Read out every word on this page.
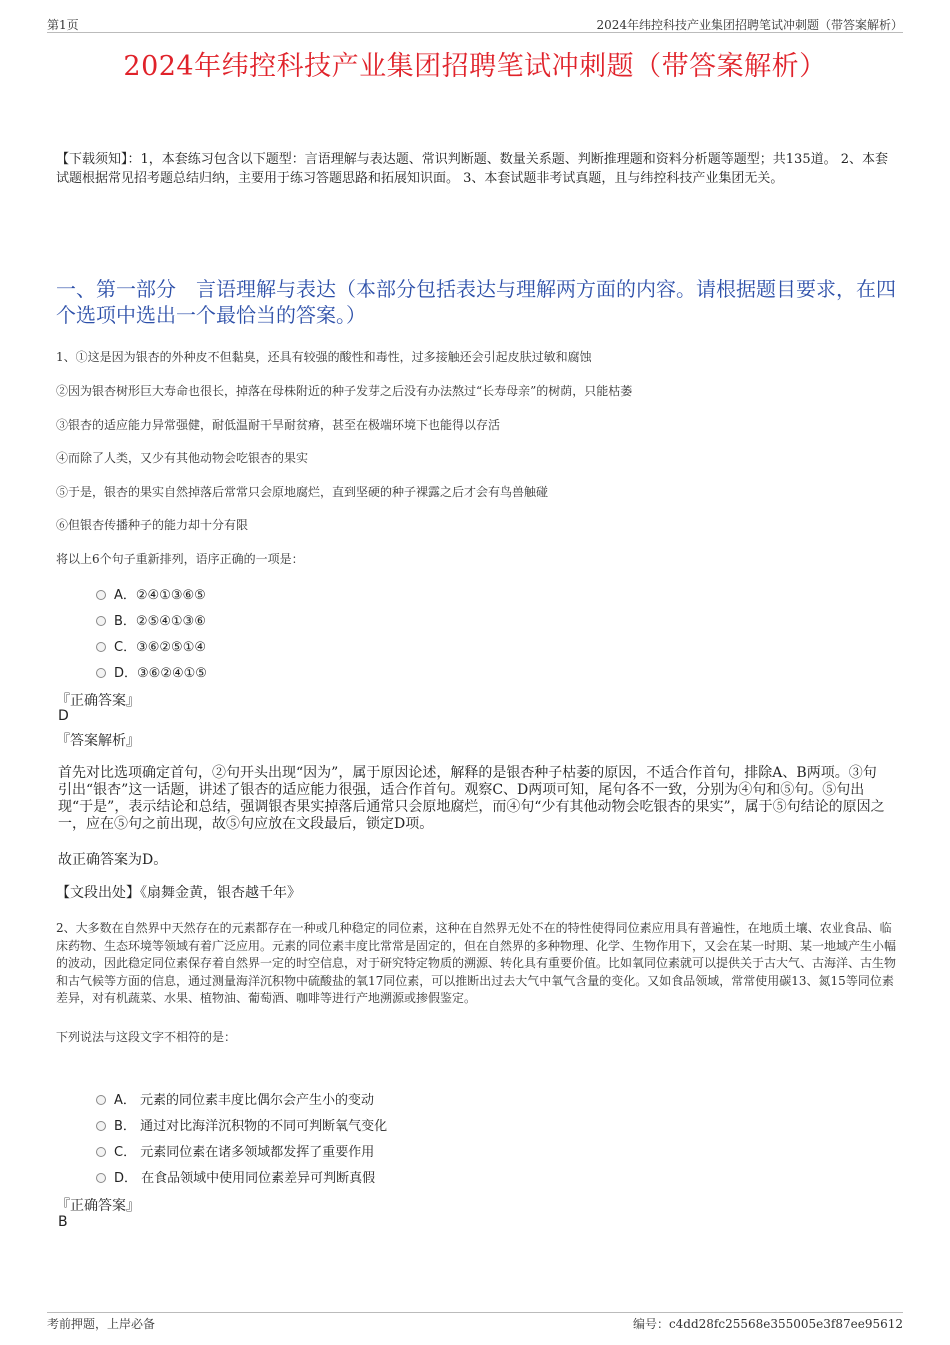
第1页	2024年纬控科技产业集团招聘笔试冲刺题（带答案解析）
2024年纬控科技产业集团招聘笔试冲刺题（带答案解析）
【下载须知】：1，本套练习包含以下题型：言语理解与表达题、常识判断题、数量关系题、判断推理题和资料分析题等题型；共135道。 2、本套试题根据常见招考题总结归纳，主要用于练习答题思路和拓展知识面。 3、本套试题非考试真题，且与纬控科技产业集团无关。
一、第一部分　言语理解与表达（本部分包括表达与理解两方面的内容。请根据题目要求，在四个选项中选出一个最恰当的答案。）
1、①这是因为银杏的外种皮不但黏臭，还具有较强的酸性和毒性，过多接触还会引起皮肤过敏和腐蚀
②因为银杏树形巨大寿命也很长，掉落在母株附近的种子发芽之后没有办法熬过“长寿母亲”的树荫，只能枯萎
③银杏的适应能力异常强健，耐低温耐干旱耐贫瘠，甚至在极端环境下也能得以存活
④而除了人类，又少有其他动物会吃银杏的果实
⑤于是，银杏的果实自然掉落后常常只会原地腐烂，直到坚硬的种子裸露之后才会有鸟兽触碰
⑥但银杏传播种子的能力却十分有限
将以上6个句子重新排列，语序正确的一项是：
A．②④①③⑥⑤
B．②⑤④①③⑥
C．③⑥②⑤①④
D．③⑥②④①⑤
『正确答案』
D
『答案解析』
首先对比选项确定首句，②句开头出现“因为”，属于原因论述，解释的是银杏种子枯萎的原因，不适合作首句，排除A、B两项。③句引出“银杏”这一话题，讲述了银杏的适应能力很强，适合作首句。观察C、D两项可知，尾句各不一致，分别为④句和⑤句。⑤句出现“于是”，表示结论和总结，强调银杏果实掉落后通常只会原地腐烂，而④句“少有其他动物会吃银杏的果实”，属于⑤句结论的原因之一，应在⑤句之前出现，故⑤句应放在文段最后，锁定D项。
故正确答案为D。
【文段出处】《扇舞金黄，银杏越千年》
2、大多数在自然界中天然存在的元素都存在一种或几种稳定的同位素，这种在自然界无处不在的特性使得同位素应用具有普遍性，在地质土壤、农业食品、临床药物、生态环境等领域有着广泛应用。元素的同位素丰度比常常是固定的，但在自然界的多种物理、化学、生物作用下，又会在某一时期、某一地域产生小幅的波动，因此稳定同位素保存着自然界一定的时空信息，对于研究特定物质的溯源、转化具有重要价值。比如氧同位素就可以提供关于古大气、古海洋、古生物和古气候等方面的信息，通过测量海洋沉积物中硫酸盐的氧17同位素，可以推断出过去大气中氧气含量的变化。又如食品领域，常常使用碳13、氮15等同位素差异，对有机蔬菜、水果、植物油、葡萄酒、咖啡等进行产地溯源或掺假鉴定。
下列说法与这段文字不相符的是：
A． 元素的同位素丰度比偶尔会产生小的变动
B． 通过对比海洋沉积物的不同可判断氧气变化
C． 元素同位素在诸多领域都发挥了重要作用
D． 在食品领域中使用同位素差异可判断真假
『正确答案』
B
考前押题，上岸必备	编号：c4dd28fc25568e355005e3f87ee95612
